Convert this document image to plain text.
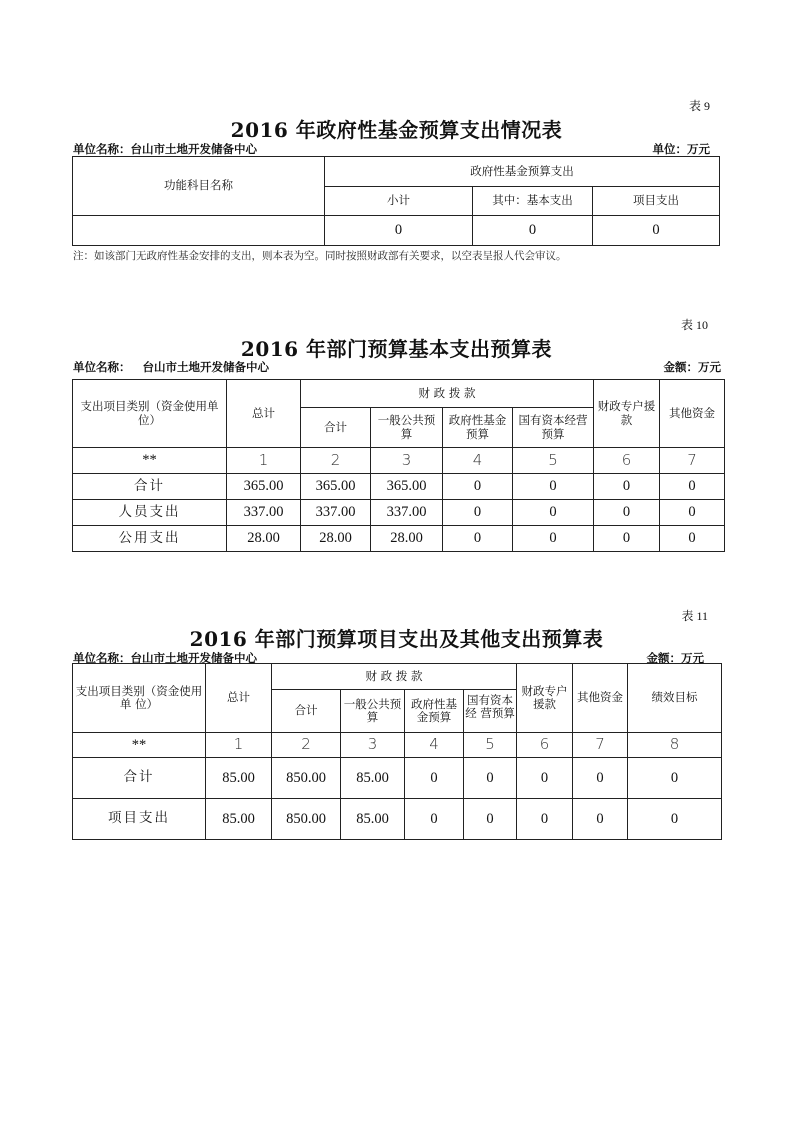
表 9
2016 年政府性基金预算支出情况表
单位名称：台山市土地开发储备中心	单位：万元
功能科目名称	政府性基金预算支出		
	小计	其中：基本支出	项目支出
	0	0	0
注：如该部门无政府性基金安排的支出，则本表为空。同时按照财政部有关要求，以空表呈报人代会审议。
表 10
2016 年部门预算基本支出预算表
单位名称：   台山市土地开发储备中心	金额：万元
支出项目类别（资金使用单位）	总计	财 政 拨 款				财政专户援款	其他资金
		合计	一般公共预算	政府性基金预算	国有资本经营预算		
**	1	2	3	4	5	6	7
合计	365.00	365.00	365.00	0	0	0	0
人员支出	337.00	337.00	337.00	0	0	0	0
公用支出	28.00	28.00	28.00	0	0	0	0
表 11
2016 年部门预算项目支出及其他支出预算表
单位名称：台山市土地开发储备中心	金额：万元
支出项目类别（资金使用单 位）	总计	财 政 拨 款				财政专户援款	其他资金	绩效目标
		合计	一般公共预算	政府性基金预算	国有资本经 营预算			

**	1	2	3	4	5	6	7	8
合计	85.00	850.00	85.00	0	0	0	0	0
项目支出	85.00	850.00	85.00	0	0	0	0	0
